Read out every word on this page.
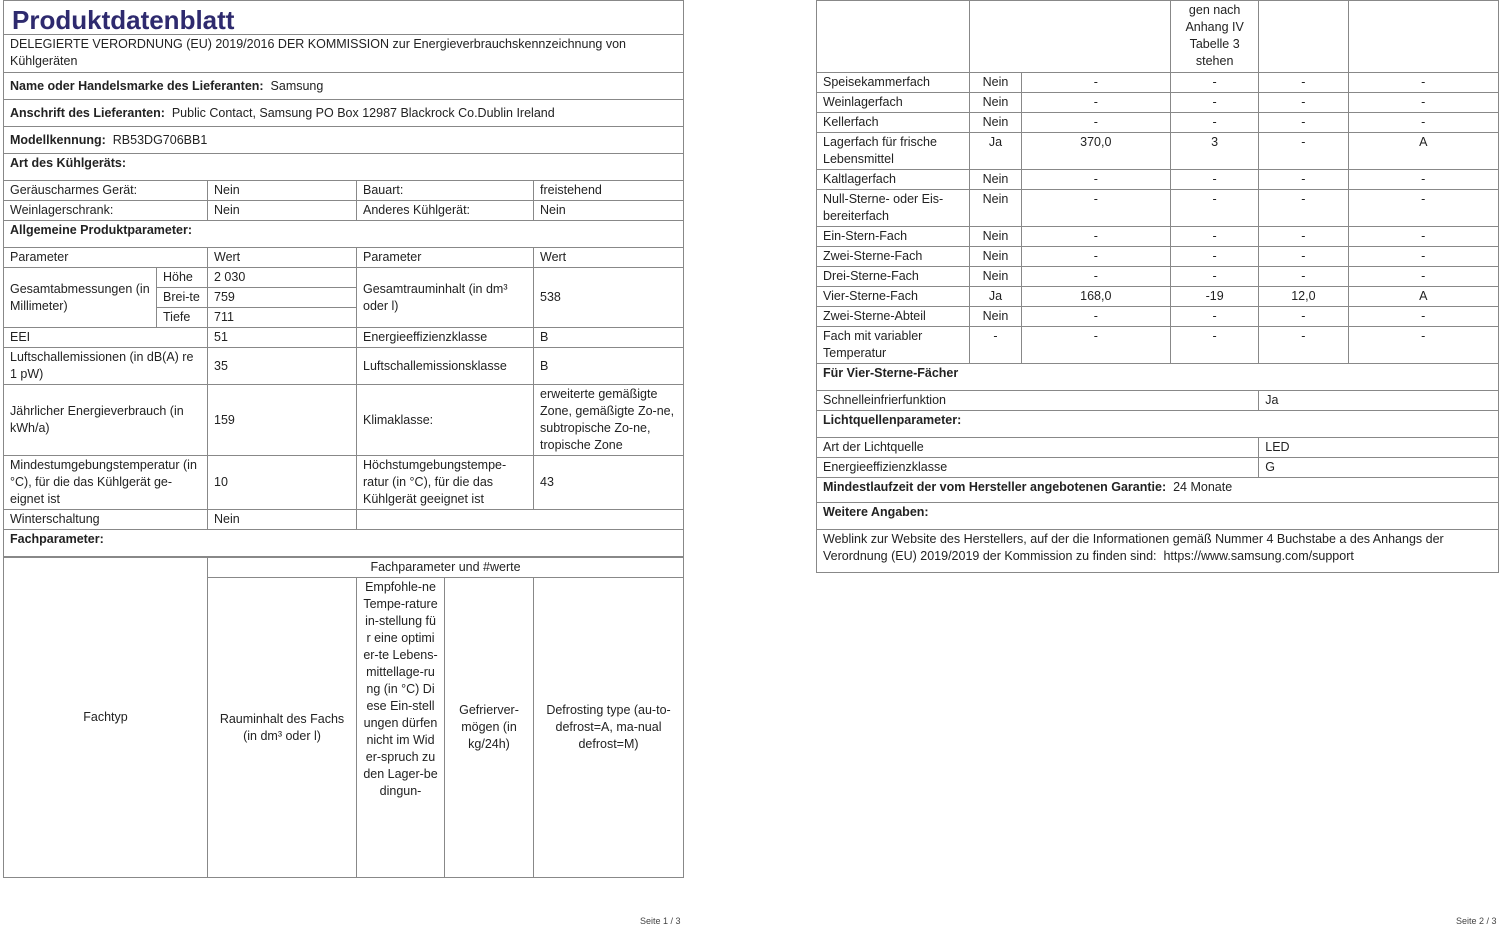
Produktdatenblatt
DELEGIERTE VERORDNUNG (EU) 2019/2016 DER KOMMISSION zur Energieverbrauchskennzeichnung von Kühlgeräten				
Name oder Handelsmarke des Lieferanten: Samsung				
Anschrift des Lieferanten: Public Contact, Samsung PO Box 12987 Blackrock Co.Dublin Ireland				
Modellkennung: RB53DG706BB1				
Art des Kühlgeräts:				
Geräuscharmes Gerät:		Nein	Bauart:	freistehend
Weinlagerschrank:		Nein	Anderes Kühlgerät:	Nein
Allgemeine Produktparameter:				
Parameter		Wert	Parameter	Wert
Gesamtabmessungen (in Millimeter)	Höhe	2 030	Gesamtrauminhalt (in dm³ oder l)	538
	Brei-te	759		
	Tiefe	711		
EEI		51	Energieeffizienzklasse	B
Luftschallemissionen (in dB(A) re 1 pW)		35	Luftschallemissionsklasse	B
Jährlicher Energieverbrauch (in kWh/a)		159	Klimaklasse:	erweiterte gemäßigte Zone, gemäßigte Zo-ne, subtropische Zo-ne, tropische Zone
Mindestumgebungstemperatur (in °C), für die das Kühlgerät ge-eignet ist		10	Höchstumgebungstempe-ratur (in °C), für die das Kühlgerät geeignet ist	43
Winterschaltung		Nein		
Fachparameter:				
Fachtyp	Fachparameter und #werte			
	Rauminhalt des Fachs (in dm³ oder l)	Empfohle-ne Tempe-raturein-stellung für eine optimier-te Lebens-mittellage-rung (in °C) Diese Ein-stellungen dürfen nicht im Wider-spruch zu den Lager-bedingun-	Gefrierver-mögen (in kg/24h)	Defrosting type (au-to-defrost=A, ma-nual defrost=M)
Seite 1 / 3
			gen nach Anhang IV Tabelle 3 stehen		
Speisekammerfach	Nein	-	-	-	-
Weinlagerfach	Nein	-	-	-	-
Kellerfach	Nein	-	-	-	-
Lagerfach für frische Lebensmittel	Ja	370,0	3	-	A
Kaltlagerfach	Nein	-	-	-	-
Null-Sterne- oder Eis-bereiterfach	Nein	-	-	-	-
Ein-Stern-Fach	Nein	-	-	-	-
Zwei-Sterne-Fach	Nein	-	-	-	-
Drei-Sterne-Fach	Nein	-	-	-	-
Vier-Sterne-Fach	Ja	168,0	-19	12,0	A
Zwei-Sterne-Abteil	Nein	-	-	-	-
Fach mit variabler Temperatur	-	-	-	-	-
Für Vier-Sterne-Fächer					
Schnelleinfrierfunktion				Ja	
Lichtquellenparameter:					
Art der Lichtquelle				LED	
Energieeffizienzklasse				G	
Mindestlaufzeit der vom Hersteller angebotenen Garantie: 24 Monate					
Weitere Angaben:					
Weblink zur Website des Herstellers, auf der die Informationen gemäß Nummer 4 Buchstabe a des Anhangs der Verordnung (EU) 2019/2019 der Kommission zu finden sind: https://www.samsung.com/support					
Seite 2 / 3
